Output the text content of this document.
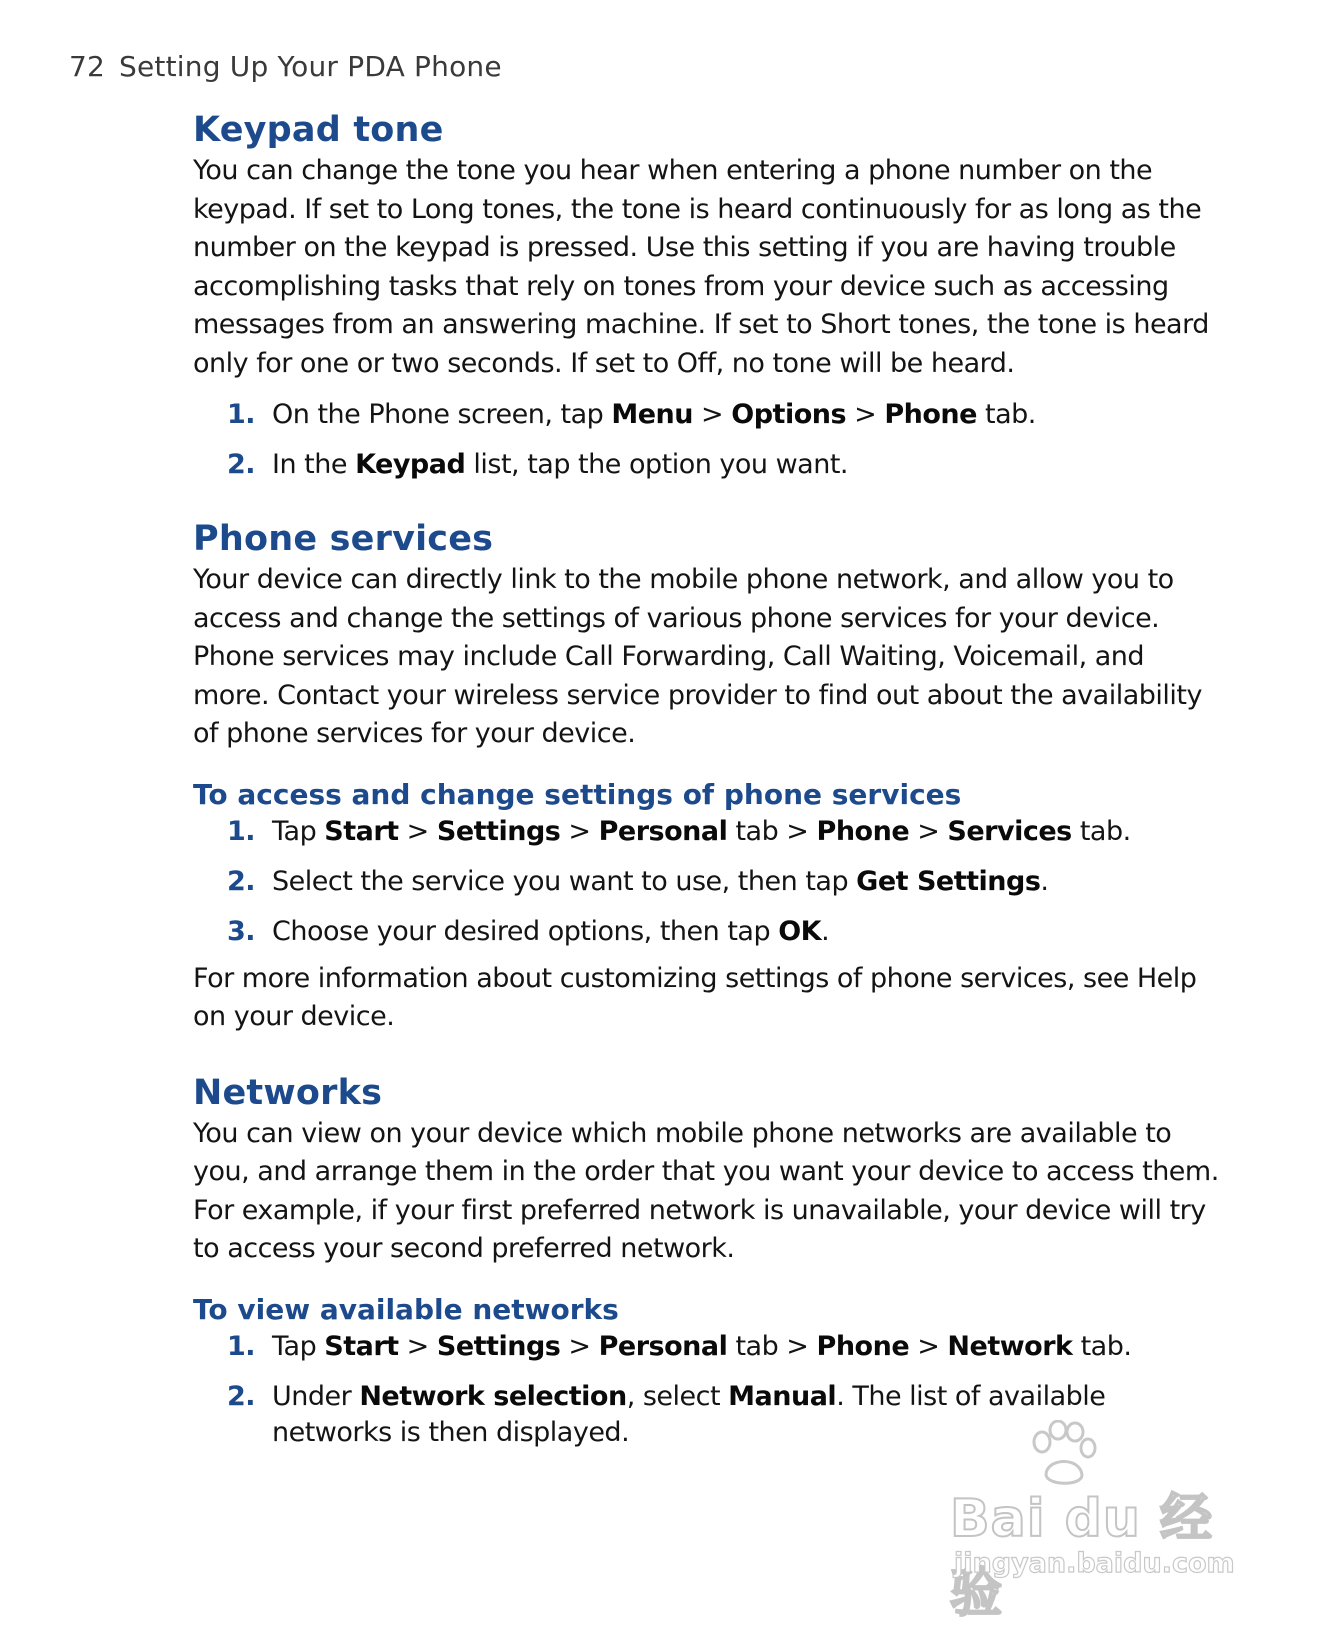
72 Setting Up Your PDA Phone
Keypad tone

You can change the tone you hear when entering a phone number on the keypad. If set to Long tones, the tone is heard continuously for as long as the number on the keypad is pressed. Use this setting if you are having trouble accomplishing tasks that rely on tones from your device such as accessing messages from an answering machine. If set to Short tones, the tone is heard only for one or two seconds. If set to Off, no tone will be heard.

1. On the Phone screen, tap Menu > Options > Phone tab.
2. In the Keypad list, tap the option you want.
Phone services

Your device can directly link to the mobile phone network, and allow you to access and change the settings of various phone services for your device. Phone services may include Call Forwarding, Call Waiting, Voicemail, and more. Contact your wireless service provider to find out about the availability of phone services for your device.

To access and change settings of phone services
1. Tap Start > Settings > Personal tab > Phone > Services tab.
2. Select the service you want to use, then tap Get Settings.
3. Choose your desired options, then tap OK.

For more information about customizing settings of phone services, see Help on your device.

Networks

You can view on your device which mobile phone networks are available to you, and arrange them in the order that you want your device to access them. For example, if your first preferred network is unavailable, your device will try to access your second preferred network.

To view available networks
1. Tap Start > Settings > Personal tab > Phone > Network tab.
2. Under Network selection, select Manual. The list of available networks is then displayed.
Bai du 经验
jingyan.baidu.com
